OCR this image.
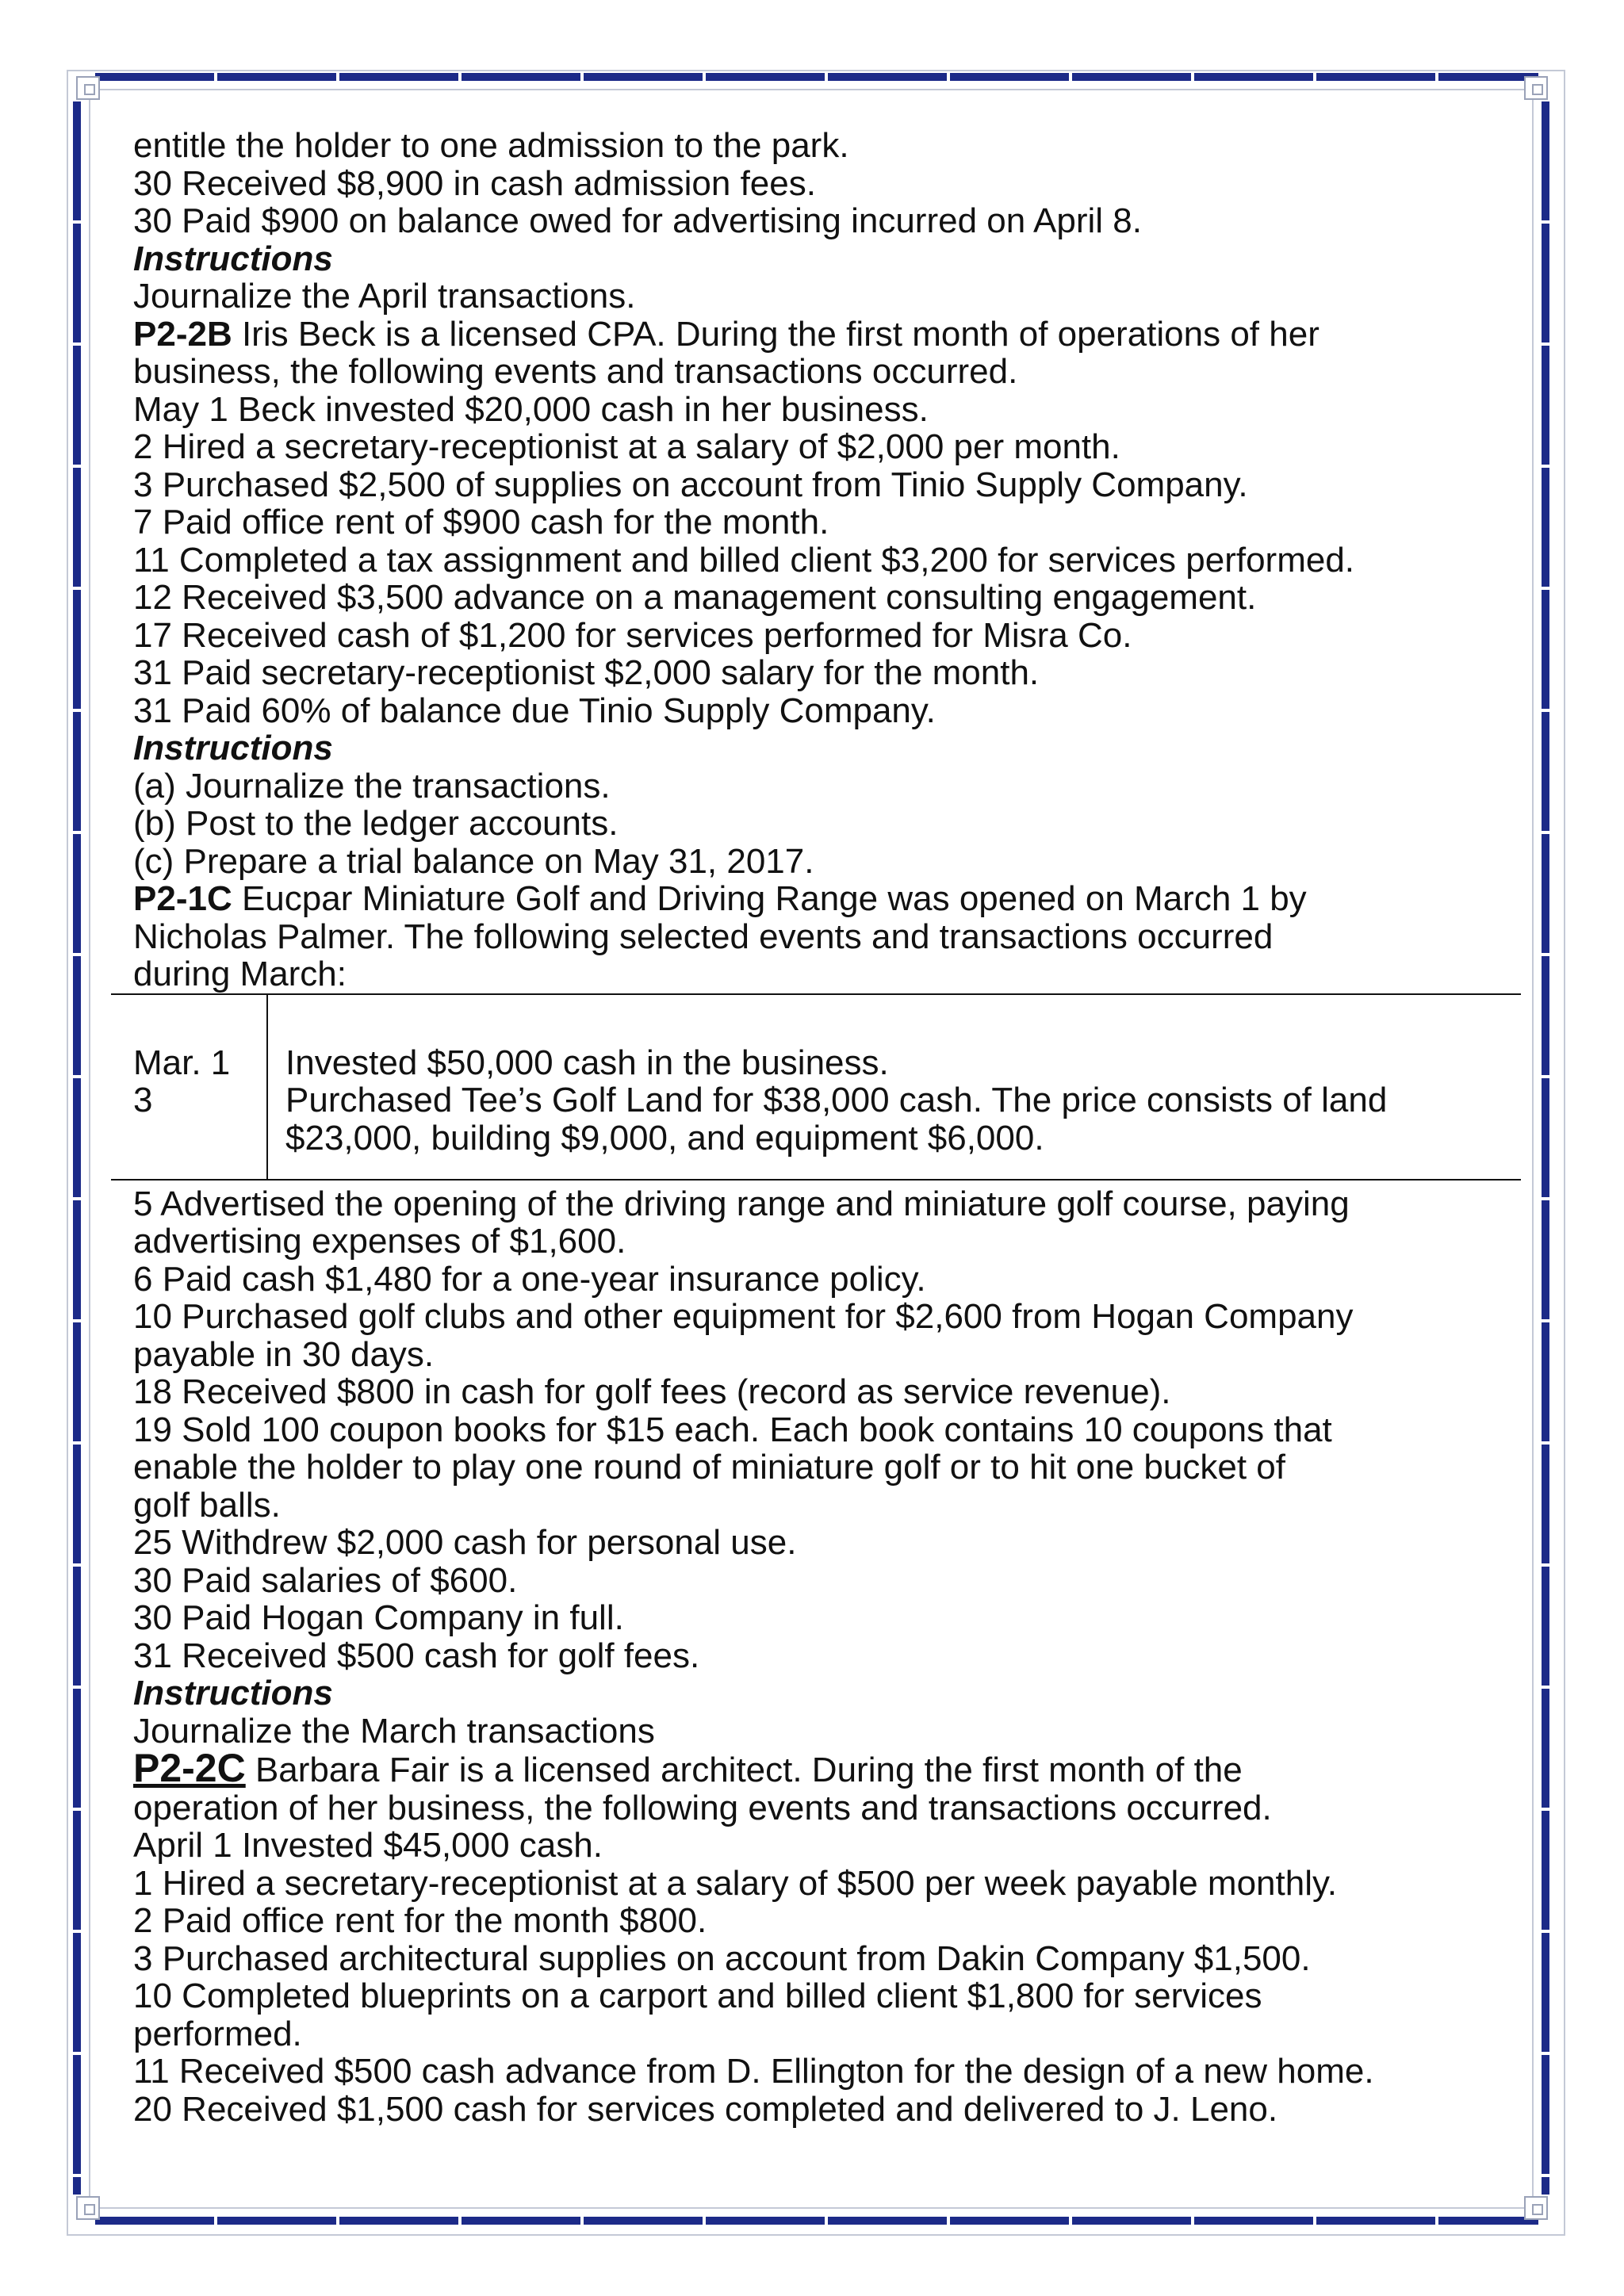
entitle the holder to one admission to the park.
30 Received $8,900 in cash admission fees.
30 Paid $900 on balance owed for advertising incurred on April 8.
Instructions
Journalize the April transactions.
P2-2B Iris Beck is a licensed CPA. During the first month of operations of her
business, the following events and transactions occurred.
May 1 Beck invested $20,000 cash in her business.
2 Hired a secretary-receptionist at a salary of $2,000 per month.
3 Purchased $2,500 of supplies on account from Tinio Supply Company.
7 Paid office rent of $900 cash for the month.
11 Completed a tax assignment and billed client $3,200 for services performed.
12 Received $3,500 advance on a management consulting engagement.
17 Received cash of $1,200 for services performed for Misra Co.
31 Paid secretary-receptionist $2,000 salary for the month.
31 Paid 60% of balance due Tinio Supply Company.
Instructions
(a) Journalize the transactions.
(b) Post to the ledger accounts.
(c) Prepare a trial balance on May 31, 2017.
P2-1C Eucpar Miniature Golf and Driving Range was opened on March 1 by
Nicholas Palmer. The following selected events and transactions occurred
during March:
Mar. 1
3
Invested $50,000 cash in the business.
Purchased Tee’s Golf Land for $38,000 cash. The price consists of land
$23,000, building $9,000, and equipment $6,000.
5 Advertised the opening of the driving range and miniature golf course, paying
advertising expenses of $1,600.
6 Paid cash $1,480 for a one-year insurance policy.
10 Purchased golf clubs and other equipment for $2,600 from Hogan Company
payable in 30 days.
18 Received $800 in cash for golf fees (record as service revenue).
19 Sold 100 coupon books for $15 each. Each book contains 10 coupons that
enable the holder to play one round of miniature golf or to hit one bucket of
golf balls.
25 Withdrew $2,000 cash for personal use.
30 Paid salaries of $600.
30 Paid Hogan Company in full.
31 Received $500 cash for golf fees.
Instructions
Journalize the March transactions
P2-2C Barbara Fair is a licensed architect. During the first month of the
operation of her business, the following events and transactions occurred.
April 1 Invested $45,000 cash.
1 Hired a secretary-receptionist at a salary of $500 per week payable monthly.
2 Paid office rent for the month $800.
3 Purchased architectural supplies on account from Dakin Company $1,500.
10 Completed blueprints on a carport and billed client $1,800 for services
performed.
11 Received $500 cash advance from D. Ellington for the design of a new home.
20 Received $1,500 cash for services completed and delivered to J. Leno.
